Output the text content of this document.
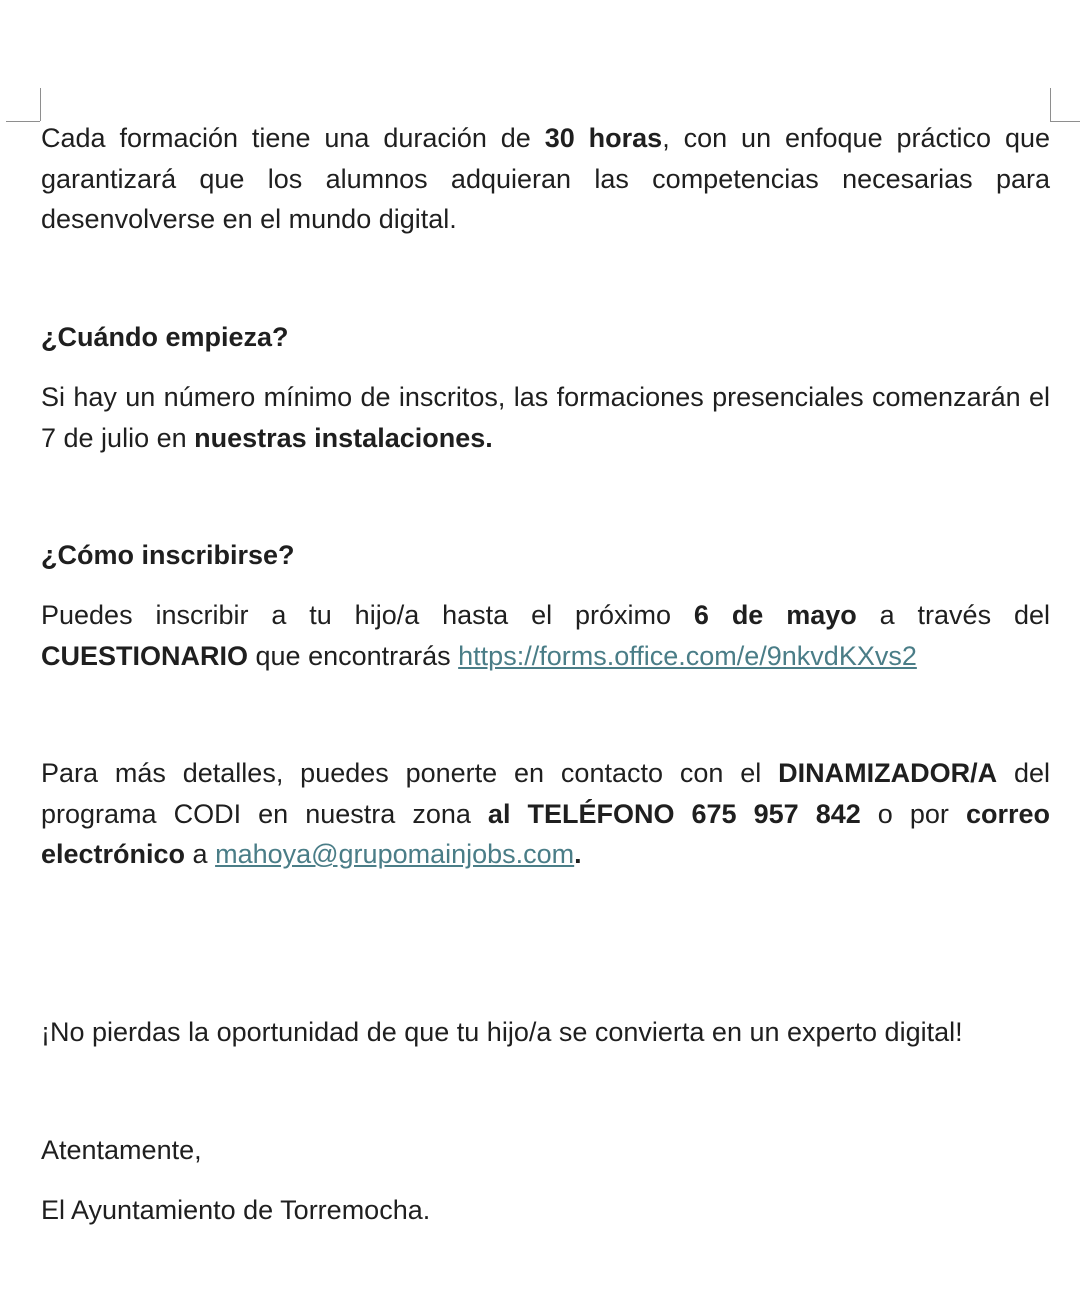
Cada formación tiene una duración de 30 horas, con un enfoque práctico que garantizará que los alumnos adquieran las competencias necesarias para desenvolverse en el mundo digital.

¿Cuándo empieza?

Si hay un número mínimo de inscritos, las formaciones presenciales comenzarán el 7 de julio en nuestras instalaciones.

¿Cómo inscribirse?

Puedes inscribir a tu hijo/a hasta el próximo 6 de mayo a través del CUESTIONARIO que encontrarás https://forms.office.com/e/9nkvdKXvs2

Para más detalles, puedes ponerte en contacto con el DINAMIZADOR/A del programa CODI en nuestra zona al TELÉFONO 675 957 842 o por correo electrónico a mahoya@grupomainjobs.com.

¡No pierdas la oportunidad de que tu hijo/a se convierta en un experto digital!

Atentamente,

El Ayuntamiento de Torremocha.
